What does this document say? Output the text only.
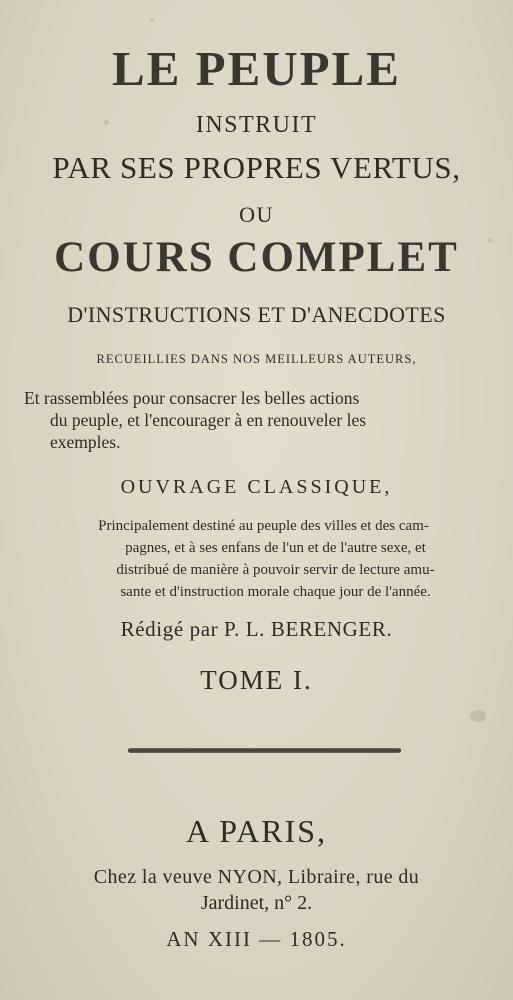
LE PEUPLE
INSTRUIT
PAR SES PROPRES VERTUS,
OU
COURS COMPLET
D'INSTRUCTIONS ET D'ANECDOTES
RECUEILLIES DANS NOS MEILLEURS AUTEURS,
Et rassemblées pour consacrer les belles actions
du peuple, et l'encourager à en renouveler les
exemples.
OUVRAGE CLASSIQUE,
Principalement destiné au peuple des villes et des cam-
pagnes, et à ses enfans de l'un et de l'autre sexe, et
distribué de manière à pouvoir servir de lecture amu-
sante et d'instruction morale chaque jour de l'année.
Rédigé par P. L. BERENGER.
TOME I.
A PARIS,
Chez la veuve NYON, Libraire, rue du
Jardinet, n° 2.
AN XIII — 1805.
